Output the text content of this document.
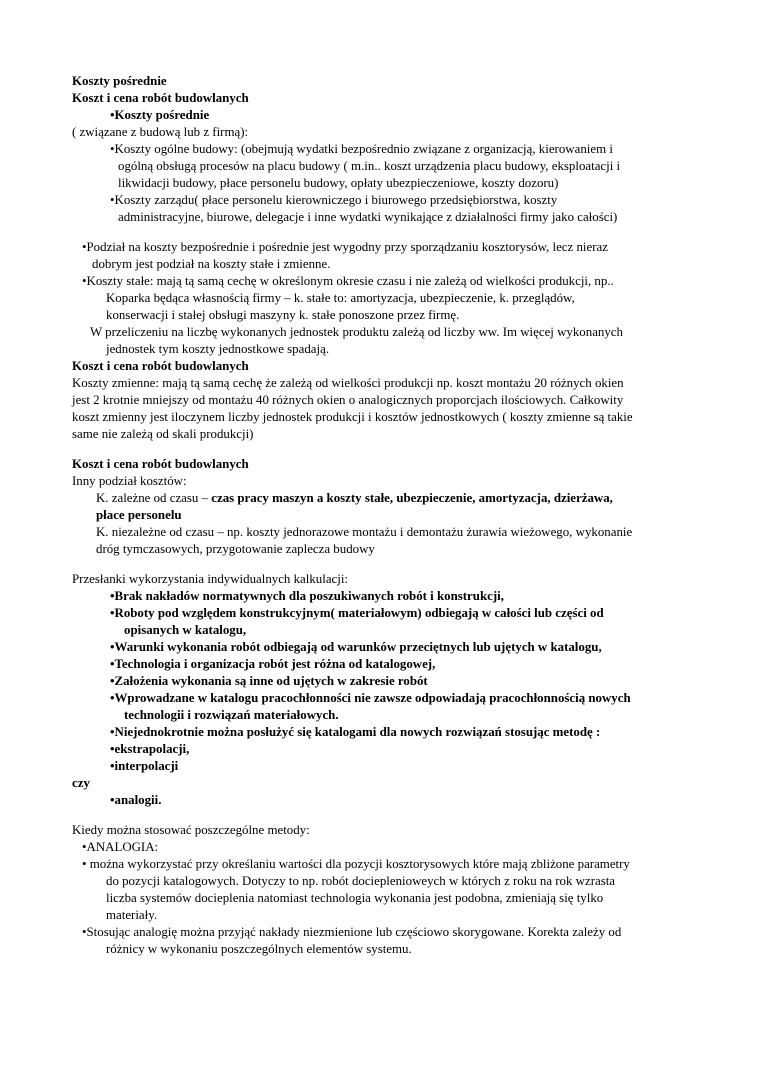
Koszty pośrednie
Koszt i cena robót budowlanych
•Koszty pośrednie
( związane z budową lub z firmą):
•Koszty ogólne budowy: (obejmują wydatki bezpośrednio związane z organizacją, kierowaniem i
ogólną obsługą procesów na placu budowy ( m.in.. koszt urządzenia placu budowy, eksploatacji i
likwidacji budowy, płace personelu budowy, opłaty ubezpieczeniowe, koszty dozoru)
•Koszty zarządu( płace personelu kierowniczego i biurowego przedsiębiorstwa, koszty
administracyjne, biurowe, delegacje i inne wydatki wynikające z działalności firmy jako całości)
•Podział na koszty bezpośrednie i pośrednie jest wygodny przy sporządzaniu kosztorysów, lecz nieraz
dobrym jest podział na koszty stałe i zmienne.
•Koszty stałe: mają tą samą cechę w określonym okresie czasu i nie zależą od wielkości produkcji, np..
Koparka będąca własnością firmy – k. stałe to: amortyzacja, ubezpieczenie, k. przeglądów,
konserwacji i stałej obsługi maszyny k. stałe ponoszone przez firmę.
W przeliczeniu na liczbę wykonanych jednostek produktu zależą od liczby ww. Im więcej wykonanych
jednostek tym koszty jednostkowe spadają.
Koszt i cena robót budowlanych
Koszty zmienne: mają tą samą cechę że zależą od wielkości produkcji np. koszt montażu 20 różnych okien
jest 2 krotnie mniejszy od montażu 40 różnych okien o analogicznych proporcjach ilościowych. Całkowity
koszt zmienny jest iloczynem liczby jednostek produkcji i kosztów jednostkowych ( koszty zmienne są takie
same nie zależą od skali produkcji)
Koszt i cena robót budowlanych
Inny podział kosztów:
K. zależne od czasu – czas pracy maszyn a koszty stałe, ubezpieczenie, amortyzacja, dzierżawa,
płace personelu
K. niezależne od czasu – np. koszty jednorazowe montażu i demontażu żurawia wieżowego, wykonanie
dróg tymczasowych, przygotowanie zaplecza budowy
Przesłanki wykorzystania indywidualnych kalkulacji:
•Brak nakładów normatywnych dla poszukiwanych robót i konstrukcji,
•Roboty pod względem konstrukcyjnym( materiałowym) odbiegają w całości lub części od
opisanych w katalogu,
•Warunki wykonania robót odbiegają od warunków przeciętnych lub ujętych w katalogu,
•Technologia i organizacja robót jest różna od katalogowej,
•Założenia wykonania są inne od ujętych w zakresie robót
•Wprowadzane w katalogu pracochłonności nie zawsze odpowiadają pracochłonnością nowych
technologii i rozwiązań materiałowych.
•Niejednokrotnie można posłużyć się katalogami dla nowych rozwiązań stosując metodę :
•ekstrapolacji,
•interpolacji
czy
•analogii.
Kiedy można stosować poszczególne metody:
•ANALOGIA:
• można wykorzystać przy określaniu wartości dla pozycji kosztorysowych które mają zbliżone parametry
do pozycji katalogowych. Dotyczy to np. robót docieplenioweych w których z roku na rok wzrasta
liczba systemów docieplenia natomiast technologia wykonania jest podobna, zmieniają się tylko
materiały.
•Stosując analogię można przyjąć nakłady niezmienione lub częściowo skorygowane. Korekta zależy od
różnicy w wykonaniu poszczególnych elementów systemu.
